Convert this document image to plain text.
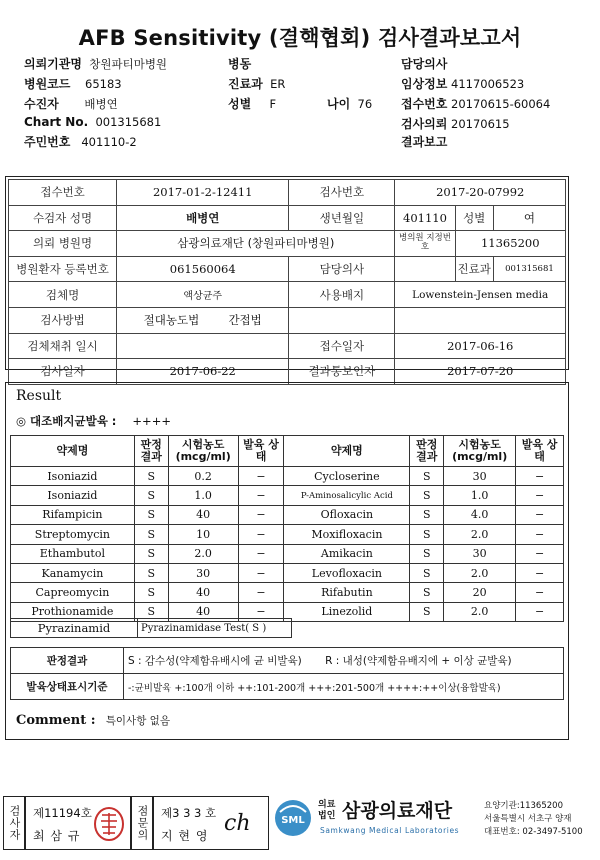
AFB Sensitivity (결핵협회) 검사결과보고서
의뢰기관명 창원파티마병원	병동	담당의사
병원코드 65183	진료과 ER	임상정보 4117006523
수진자 배병연	성별 F	나이 76 접수번호 20170615-60064
Chart No. 001315681	검사의뢰 20170615
주민번호 401110-2	결과보고
접수번호	2017-01-2-12411	검사번호	2017-20-07992		
수검자 성명	배병연	생년월일	401110	성별	여
의뢰 병원명	삼광의료재단 (창원파티마병원)		병의원 지정번호	11365200	
병원환자 등록번호	061560064	담당의사		진료과	001315681
검체명	액상균주	사용배지	Lowenstein-Jensen media		
검사방법	절대농도법 간접법				
검체채취 일시		접수일자	2017-06-16		
검사일자	2017-06-22	결과통보인자	2017-07-20		
Result
◎ 대조배지균발육 : ++++
약제명	판정 결과	시험농도 (mcg/ml)	발육 상태	약제명	판정 결과	시험농도 (mcg/ml)	발육 상태
Isoniazid	S	0.2	−	Cycloserine	S	30	−
Isoniazid	S	1.0	−	P-Aminosalicylic Acid	S	1.0	−
Rifampicin	S	40	−	Ofloxacin	S	4.0	−
Streptomycin	S	10	−	Moxifloxacin	S	2.0	−
Ethambutol	S	2.0	−	Amikacin	S	30	−
Kanamycin	S	30	−	Levofloxacin	S	2.0	−
Capreomycin	S	40	−	Rifabutin	S	20	−
Prothionamide	S	40	−	Linezolid	S	2.0	−
Pyrazinamid	Pyrazinamidase Test( S )
판정결과	S : 감수성(약제함유배시에 균 비발육) R : 내성(약제함유배지에 + 이상 균발육)
발육상태표시기준	-:균비발육 +:100개 이하 ++:101-200개 +++:201-500개 ++++:++이상(융합발육)
Comment : 특이사항 없음
검사자 제11194호
최 삼 규	점문의 제3 3 3 호
지 현 영 ch	SML
의료
법인 삼광의료재단
Samkwang Medical Laboratories
요양기관:11365200
서울특별시 서초구 양재
대표번호: 02-3497-5100
